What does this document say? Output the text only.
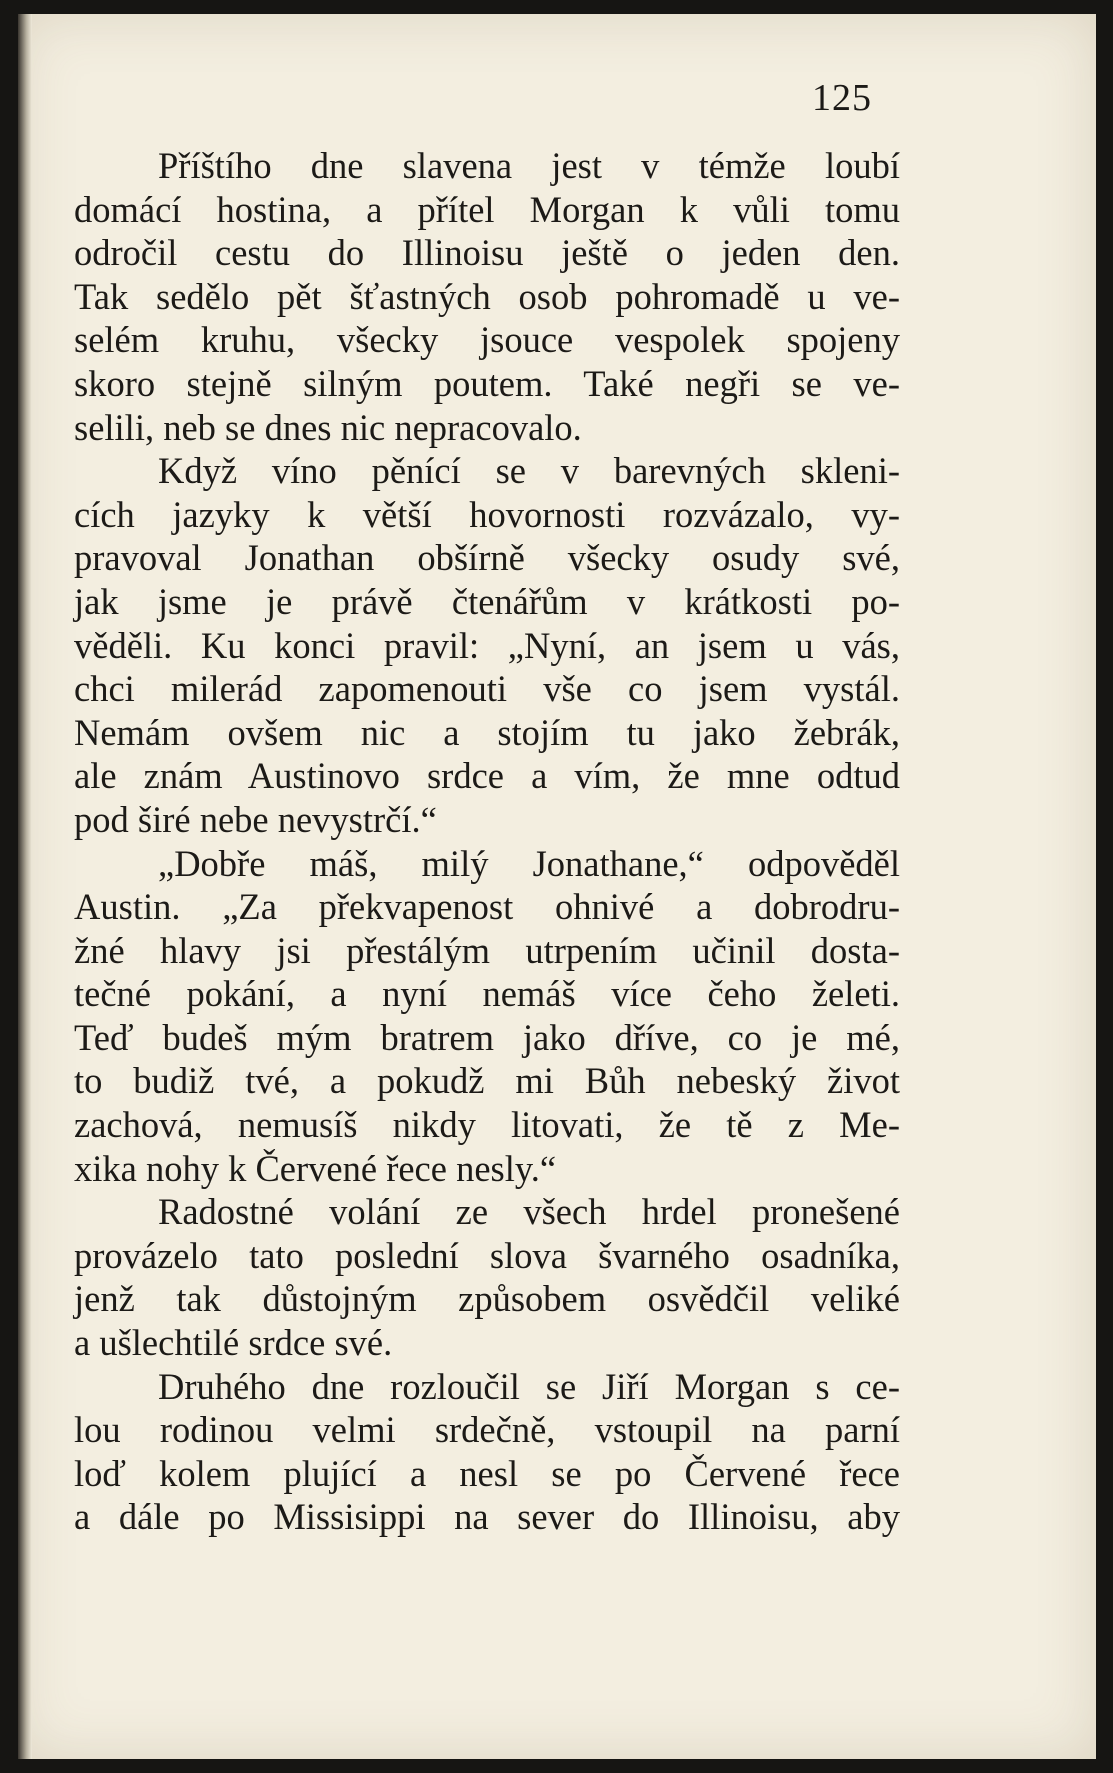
125
Příštího dne slavena jest v témže loubí
domácí hostina, a přítel Morgan k vůli tomu
odročil cestu do Illinoisu ještě o jeden den.
Tak sedělo pět šťastných osob pohromadě u ve-
selém kruhu, všecky jsouce vespolek spojeny
skoro stejně silným poutem. Také negři se ve-
selili, neb se dnes nic nepracovalo.
Když víno pěnící se v barevných skleni-
cích jazyky k větší hovornosti rozvázalo, vy-
pravoval Jonathan obšírně všecky osudy své,
jak jsme je právě čtenářům v krátkosti po-
věděli. Ku konci pravil: „Nyní, an jsem u vás,
chci milerád zapomenouti vše co jsem vystál.
Nemám ovšem nic a stojím tu jako žebrák,
ale znám Austinovo srdce a vím, že mne odtud
pod širé nebe nevystrčí.“
„Dobře máš, milý Jonathane,“ odpověděl
Austin. „Za překvapenost ohnivé a dobrodru-
žné hlavy jsi přestálým utrpením učinil dosta-
tečné pokání, a nyní nemáš více čeho želeti.
Teď budeš mým bratrem jako dříve, co je mé,
to budiž tvé, a pokudž mi Bůh nebeský život
zachová, nemusíš nikdy litovati, že tě z Me-
xika nohy k Červené řece nesly.“
Radostné volání ze všech hrdel pronešené
provázelo tato poslední slova švarného osadníka,
jenž tak důstojným způsobem osvědčil veliké
a ušlechtilé srdce své.
Druhého dne rozloučil se Jiří Morgan s ce-
lou rodinou velmi srdečně, vstoupil na parní
loď kolem plující a nesl se po Červené řece
a dále po Missisippi na sever do Illinoisu, aby
